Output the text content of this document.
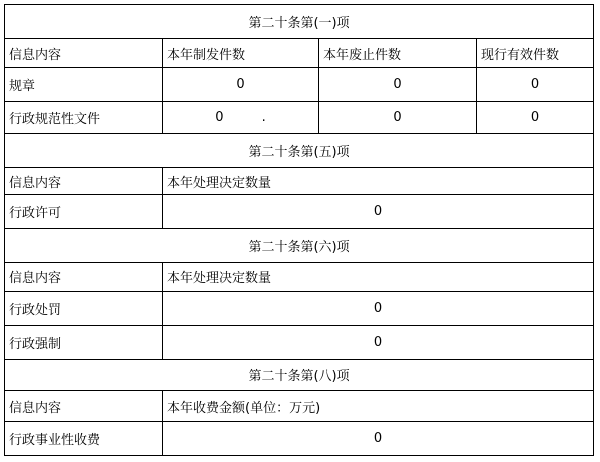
第二十条第(一)项			
信息内容	本年制发件数	本年废止件数	现行有效件数
规章	0	0	0
行政规范性文件	0 .	0	0
第二十条第(五)项			
信息内容	本年处理决定数量		
行政许可	0		
第二十条第(六)项			
信息内容	本年处理决定数量		
行政处罚	0		
行政强制	0		
第二十条第(八)项			
信息内容	本年收费金额(单位：万元)		
行政事业性收费	0		
